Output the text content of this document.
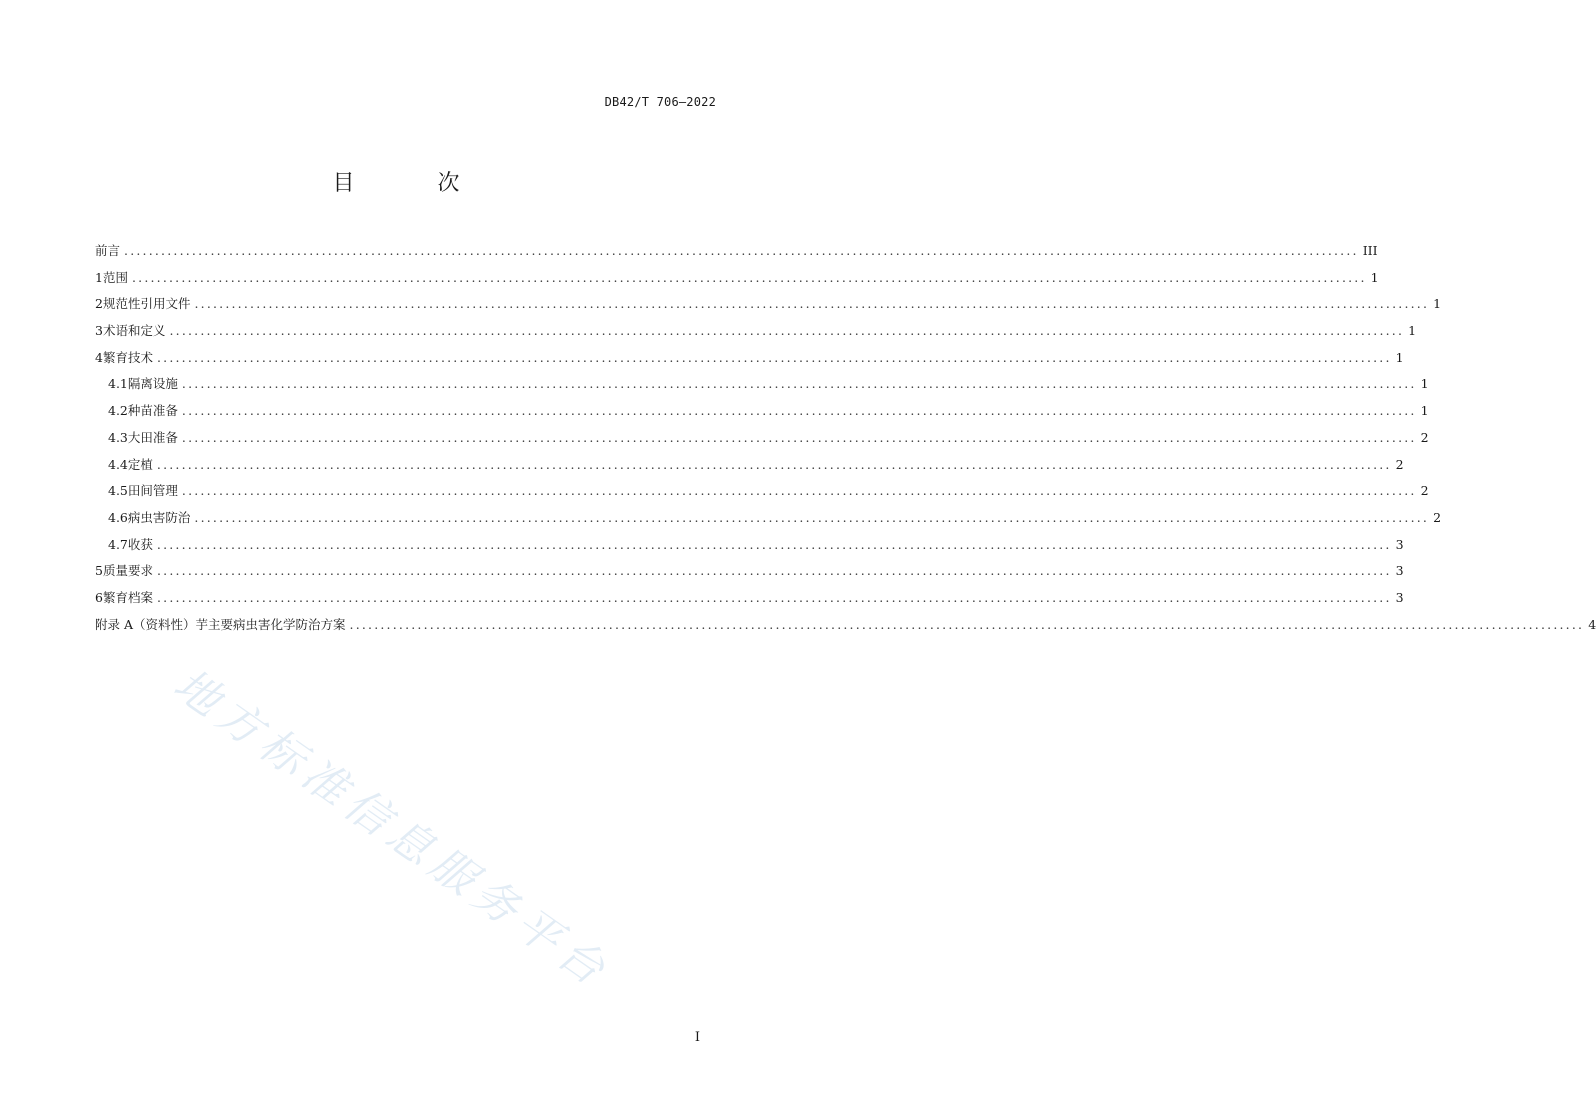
DB42/T 706—2022
目 次
前言 ........................................................................................................................................................................................................ III
1 范围 ........................................................................................................................................................................................................ 1
2 规范性引用文件 ........................................................................................................................................................................................................ 1
3 术语和定义 ........................................................................................................................................................................................................ 1
4 繁育技术 ........................................................................................................................................................................................................ 1
4.1 隔离设施 ........................................................................................................................................................................................................ 1
4.2 种苗准备 ........................................................................................................................................................................................................ 1
4.3 大田准备 ........................................................................................................................................................................................................ 2
4.4 定植 ........................................................................................................................................................................................................ 2
4.5 田间管理 ........................................................................................................................................................................................................ 2
4.6 病虫害防治 ........................................................................................................................................................................................................ 2
4.7 收获 ........................................................................................................................................................................................................ 3
5 质量要求 ........................................................................................................................................................................................................ 3
6 繁育档案 ........................................................................................................................................................................................................ 3
附录 A（资料性）芋主要病虫害化学防治方案 ........................................................................................................................................................................................................ 4
地方标准信息服务平台
I
